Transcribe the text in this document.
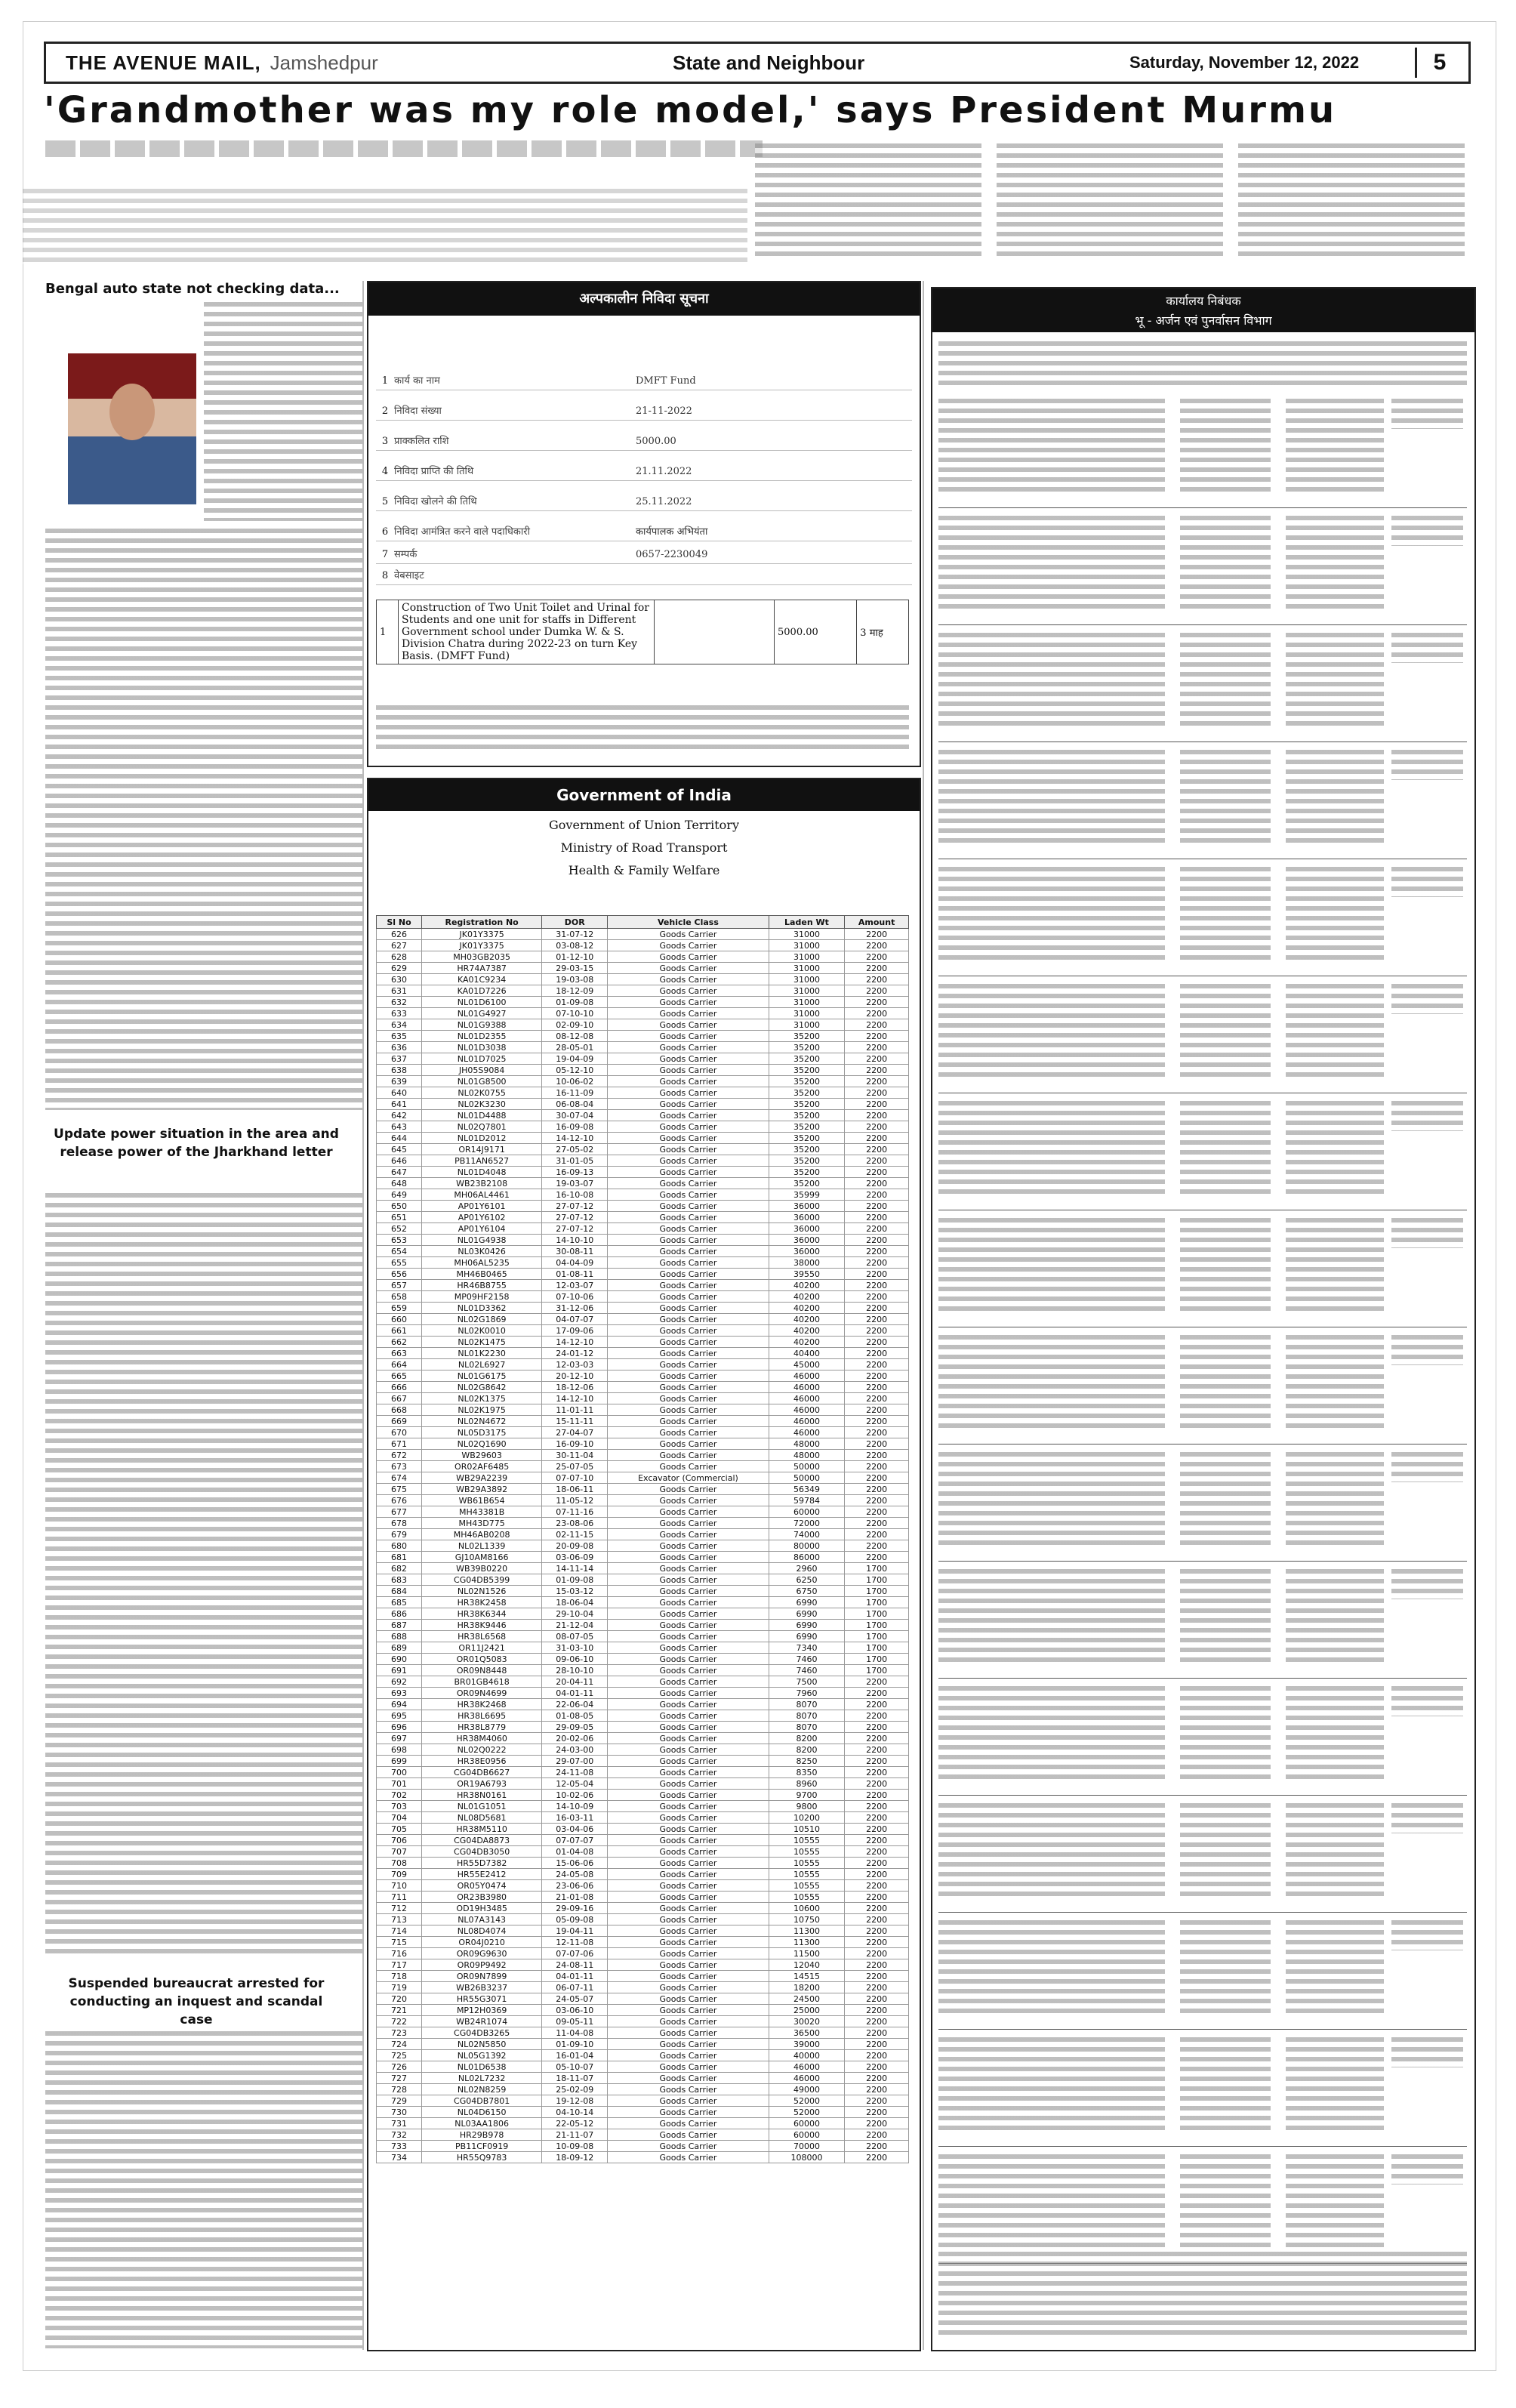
THE AVENUE MAIL, Jamshedpur	State and Neighbour	Saturday, November 12, 2022	5
'Grandmother was my role model,' says President Murmu
Bengal auto state not checking data...
Update power situation in the area and release power of the Jharkhand letter
Suspended bureaucrat arrested for conducting an inquest and scandal case
अल्पकालीन निविदा सूचना
1 कार्य का नाम	DMFT Fund
2 निविदा संख्या	21-11-2022
3 प्राक्कलित राशि	5000.00
4 निविदा प्राप्ति की तिथि	21.11.2022
5 निविदा खोलने की तिथि	25.11.2022
6 निविदा आमंत्रित करने वाले पदाधिकारी	कार्यपालक अभियंता
7 सम्पर्क	0657-2230049
8 वेबसाइट
1	Construction of Two Unit Toilet and Urinal for Students and one unit for staffs in Different Government school under Dumka W. & S. Division Chatra during 2022-23 on turn Key Basis. (DMFT Fund)		5000.00	3 माह
Government of India
Government of Union Territory
Ministry of Road Transport
Health & Family Welfare
Sl No	Registration No	DOR	Vehicle Class	Laden Wt	Amount
626	JK01Y3375	31-07-12	Goods Carrier	31000	2200
627	JK01Y3375	03-08-12	Goods Carrier	31000	2200
628	MH03GB2035	01-12-10	Goods Carrier	31000	2200
629	HR74A7387	29-03-15	Goods Carrier	31000	2200
630	KA01C9234	19-03-08	Goods Carrier	31000	2200
631	KA01D7226	18-12-09	Goods Carrier	31000	2200
632	NL01D6100	01-09-08	Goods Carrier	31000	2200
633	NL01G4927	07-10-10	Goods Carrier	31000	2200
634	NL01G9388	02-09-10	Goods Carrier	31000	2200
635	NL01D2355	08-12-08	Goods Carrier	35200	2200
636	NL01D3038	28-05-01	Goods Carrier	35200	2200
637	NL01D7025	19-04-09	Goods Carrier	35200	2200
638	JH05S9084	05-12-10	Goods Carrier	35200	2200
639	NL01G8500	10-06-02	Goods Carrier	35200	2200
640	NL02K0755	16-11-09	Goods Carrier	35200	2200
641	NL02K3230	06-08-04	Goods Carrier	35200	2200
642	NL01D4488	30-07-04	Goods Carrier	35200	2200
643	NL02Q7801	16-09-08	Goods Carrier	35200	2200
644	NL01D2012	14-12-10	Goods Carrier	35200	2200
645	OR14J9171	27-05-02	Goods Carrier	35200	2200
646	PB11AN6527	31-01-05	Goods Carrier	35200	2200
647	NL01D4048	16-09-13	Goods Carrier	35200	2200
648	WB23B2108	19-03-07	Goods Carrier	35200	2200
649	MH06AL4461	16-10-08	Goods Carrier	35999	2200
650	AP01Y6101	27-07-12	Goods Carrier	36000	2200
651	AP01Y6102	27-07-12	Goods Carrier	36000	2200
652	AP01Y6104	27-07-12	Goods Carrier	36000	2200
653	NL01G4938	14-10-10	Goods Carrier	36000	2200
654	NL03K0426	30-08-11	Goods Carrier	36000	2200
655	MH06AL5235	04-04-09	Goods Carrier	38000	2200
656	MH46B0465	01-08-11	Goods Carrier	39550	2200
657	HR46B8755	12-03-07	Goods Carrier	40200	2200
658	MP09HF2158	07-10-06	Goods Carrier	40200	2200
659	NL01D3362	31-12-06	Goods Carrier	40200	2200
660	NL02G1869	04-07-07	Goods Carrier	40200	2200
661	NL02K0010	17-09-06	Goods Carrier	40200	2200
662	NL02K1475	14-12-10	Goods Carrier	40200	2200
663	NL01K2230	24-01-12	Goods Carrier	40400	2200
664	NL02L6927	12-03-03	Goods Carrier	45000	2200
665	NL01G6175	20-12-10	Goods Carrier	46000	2200
666	NL02G8642	18-12-06	Goods Carrier	46000	2200
667	NL02K1375	14-12-10	Goods Carrier	46000	2200
668	NL02K1975	11-01-11	Goods Carrier	46000	2200
669	NL02N4672	15-11-11	Goods Carrier	46000	2200
670	NL05D3175	27-04-07	Goods Carrier	46000	2200
671	NL02Q1690	16-09-10	Goods Carrier	48000	2200
672	WB29603	30-11-04	Goods Carrier	48000	2200
673	OR02AF6485	25-07-05	Goods Carrier	50000	2200
674	WB29A2239	07-07-10	Excavator (Commercial)	50000	2200
675	WB29A3892	18-06-11	Goods Carrier	56349	2200
676	WB61B654	11-05-12	Goods Carrier	59784	2200
677	MH43381B	07-11-16	Goods Carrier	60000	2200
678	MH43D775	23-08-06	Goods Carrier	72000	2200
679	MH46AB0208	02-11-15	Goods Carrier	74000	2200
680	NL02L1339	20-09-08	Goods Carrier	80000	2200
681	GJ10AM8166	03-06-09	Goods Carrier	86000	2200
682	WB39B0220	14-11-14	Goods Carrier	2960	1700
683	CG04DB5399	01-09-08	Goods Carrier	6250	1700
684	NL02N1526	15-03-12	Goods Carrier	6750	1700
685	HR38K2458	18-06-04	Goods Carrier	6990	1700
686	HR38K6344	29-10-04	Goods Carrier	6990	1700
687	HR38K9446	21-12-04	Goods Carrier	6990	1700
688	HR38L6568	08-07-05	Goods Carrier	6990	1700
689	OR11J2421	31-03-10	Goods Carrier	7340	1700
690	OR01Q5083	09-06-10	Goods Carrier	7460	1700
691	OR09N8448	28-10-10	Goods Carrier	7460	1700
692	BR01GB4618	20-04-11	Goods Carrier	7500	2200
693	OR09N4699	04-01-11	Goods Carrier	7960	2200
694	HR38K2468	22-06-04	Goods Carrier	8070	2200
695	HR38L6695	01-08-05	Goods Carrier	8070	2200
696	HR38L8779	29-09-05	Goods Carrier	8070	2200
697	HR38M4060	20-02-06	Goods Carrier	8200	2200
698	NL02Q0222	24-03-00	Goods Carrier	8200	2200
699	HR38E0956	29-07-00	Goods Carrier	8250	2200
700	CG04DB6627	24-11-08	Goods Carrier	8350	2200
701	OR19A6793	12-05-04	Goods Carrier	8960	2200
702	HR38N0161	10-02-06	Goods Carrier	9700	2200
703	NL01G1051	14-10-09	Goods Carrier	9800	2200
704	NL08D5681	16-03-11	Goods Carrier	10200	2200
705	HR38M5110	03-04-06	Goods Carrier	10510	2200
706	CG04DA8873	07-07-07	Goods Carrier	10555	2200
707	CG04DB3050	01-04-08	Goods Carrier	10555	2200
708	HR55D7382	15-06-06	Goods Carrier	10555	2200
709	HR55E2412	24-05-08	Goods Carrier	10555	2200
710	OR05Y0474	23-06-06	Goods Carrier	10555	2200
711	OR23B3980	21-01-08	Goods Carrier	10555	2200
712	OD19H3485	29-09-16	Goods Carrier	10600	2200
713	NL07A3143	05-09-08	Goods Carrier	10750	2200
714	NL08D4074	19-04-11	Goods Carrier	11300	2200
715	OR04J0210	12-11-08	Goods Carrier	11300	2200
716	OR09G9630	07-07-06	Goods Carrier	11500	2200
717	OR09P9492	24-08-11	Goods Carrier	12040	2200
718	OR09N7899	04-01-11	Goods Carrier	14515	2200
719	WB26B3237	06-07-11	Goods Carrier	18200	2200
720	HR55G3071	24-05-07	Goods Carrier	24500	2200
721	MP12H0369	03-06-10	Goods Carrier	25000	2200
722	WB24R1074	09-05-11	Goods Carrier	30020	2200
723	CG04DB3265	11-04-08	Goods Carrier	36500	2200
724	NL02N5850	01-09-10	Goods Carrier	39000	2200
725	NL05G1392	16-01-04	Goods Carrier	40000	2200
726	NL01D6538	05-10-07	Goods Carrier	46000	2200
727	NL02L7232	18-11-07	Goods Carrier	46000	2200
728	NL02N8259	25-02-09	Goods Carrier	49000	2200
729	CG04DB7801	19-12-08	Goods Carrier	52000	2200
730	NL04D6150	04-10-14	Goods Carrier	52000	2200
731	NL03AA1806	22-05-12	Goods Carrier	60000	2200
732	HR29B978	21-11-07	Goods Carrier	60000	2200
733	PB11CF0919	10-09-08	Goods Carrier	70000	2200
734	HR55Q9783	18-09-12	Goods Carrier	108000	2200
कार्यालय निबंधक
भू - अर्जन एवं पुनर्वासन विभाग
